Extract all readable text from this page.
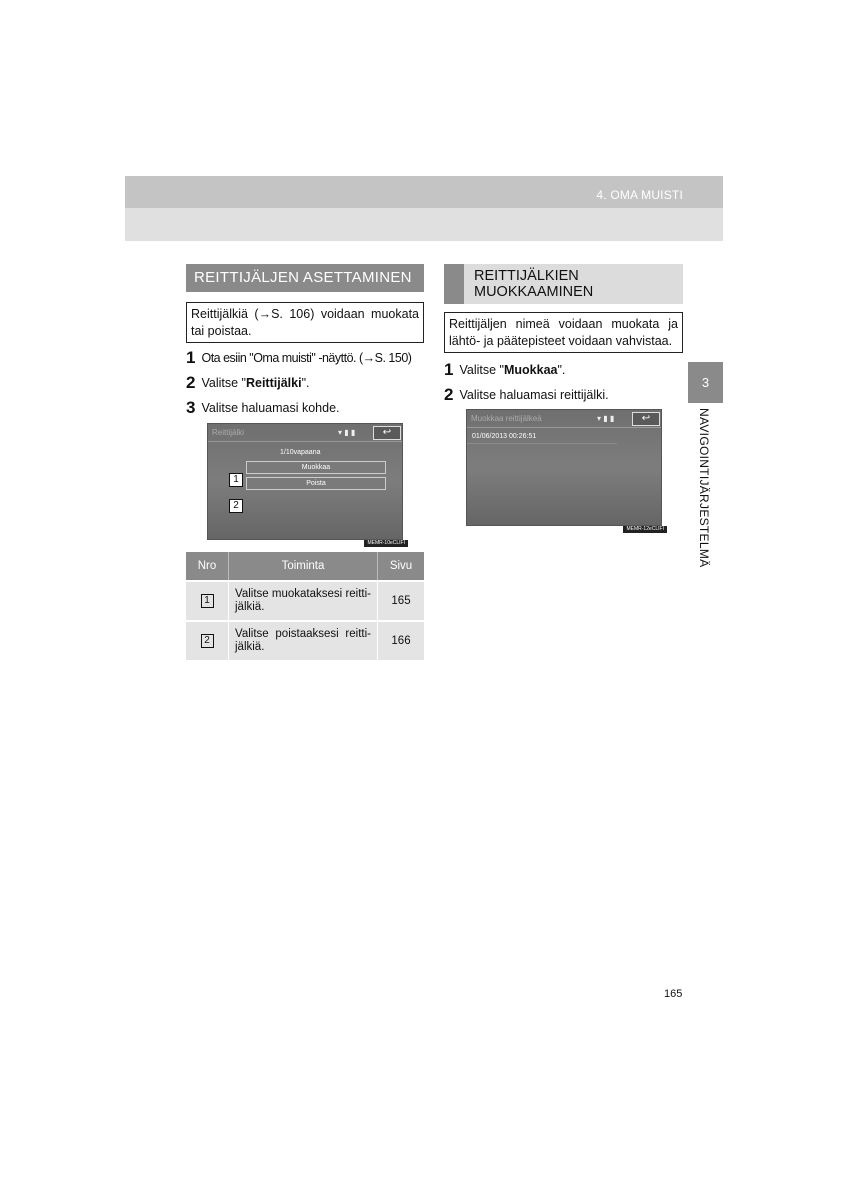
4. OMA MUISTI
REITTIJÄLJEN ASETTAMINEN
Reittijälkiä (→S. 106) voidaan muokata tai poistaa.
1 Ota esiin "Oma muisti" -näyttö. (→S. 150)
2 Valitse "Reittijälki".
3 Valitse haluamasi kohde.
Reittijälki	▾ ▮ ▮	↩
1/10vapaana
Muokkaa
Poista
1
2
MEMR-10eCLIFI
Nro	Toiminta	Sivu
1	Valitse muokataksesi reitti-jälkiä.	165
2	Valitse poistaaksesi reitti-jälkiä.	166
REITTIJÄLKIEN
MUOKKAAMINEN
Reittijäljen nimeä voidaan muokata ja lähtö- ja päätepisteet voidaan vahvistaa.
1 Valitse "Muokkaa".
2 Valitse haluamasi reittijälki.
Muokkaa reittijälkeä	▾ ▮ ▮	↩
01/06/2013 00:26:51
MEMR-12eCLIFI
3
NAVIGOINTIJÄRJESTELMÄ
165
